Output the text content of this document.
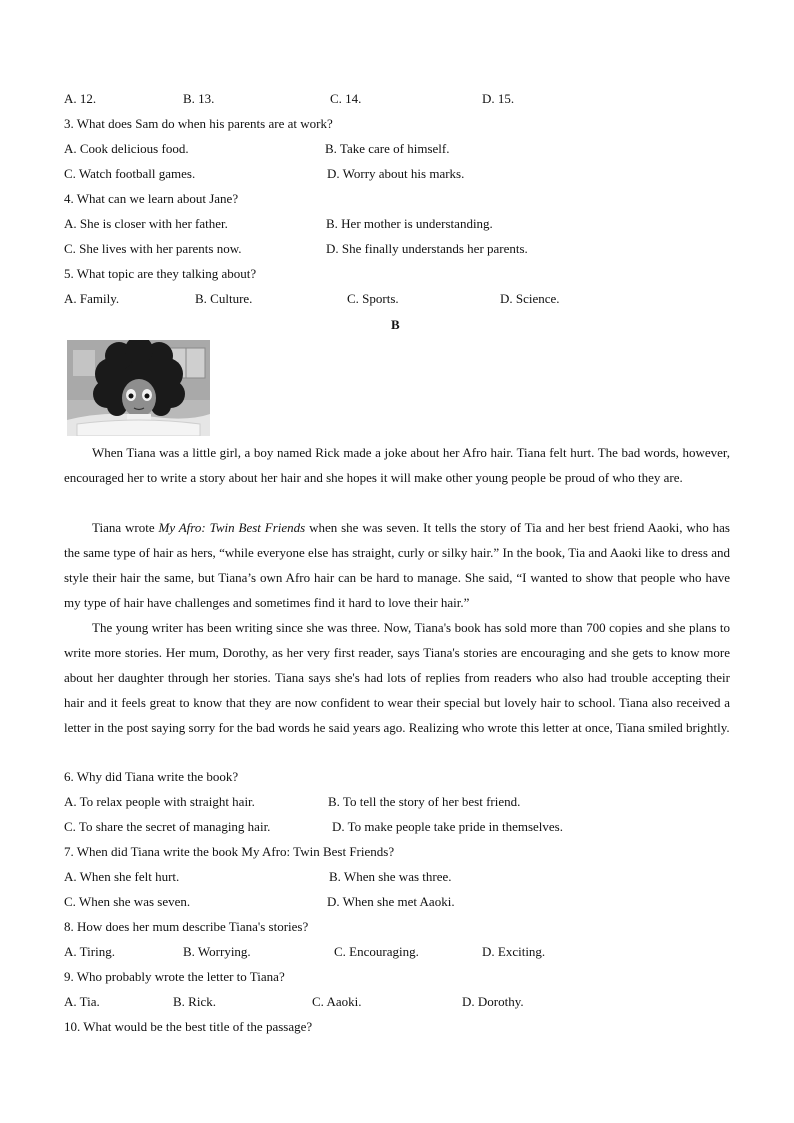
A. 12.	B. 13.	C. 14.	D. 15.
3. What does Sam do when his parents are at work?
A. Cook delicious food.	B. Take care of himself.
C. Watch football games.	D. Worry about his marks.
4. What can we learn about Jane?
A. She is closer with her father.	B. Her mother is understanding.
C. She lives with her parents now.	D. She finally understands her parents.
5. What topic are they talking about?
A. Family.	B. Culture.	C. Sports.	D. Science.
B
When Tiana was a little girl, a boy named Rick made a joke about her Afro hair. Tiana felt hurt. The bad words, however, encouraged her to write a story about her hair and she hopes it will make other young people be proud of who they are.
Tiana wrote My Afro: Twin Best Friends when she was seven. It tells the story of Tia and her best friend Aaoki, who has the same type of hair as hers, “while everyone else has straight, curly or silky hair.” In the book, Tia and Aaoki like to dress and style their hair the same, but Tiana’s own Afro hair can be hard to manage. She said, “I wanted to show that people who have my type of hair have challenges and sometimes find it hard to love their hair.”
The young writer has been writing since she was three. Now, Tiana's book has sold more than 700 copies and she plans to write more stories. Her mum, Dorothy, as her very first reader, says Tiana's stories are encouraging and she gets to know more about her daughter through her stories. Tiana says she's had lots of replies from readers who also had trouble accepting their hair and it feels great to know that they are now confident to wear their special but lovely hair to school. Tiana also received a letter in the post saying sorry for the bad words he said years ago. Realizing who wrote this letter at once, Tiana smiled brightly.
6. Why did Tiana write the book?
A. To relax people with straight hair.	B. To tell the story of her best friend.
C. To share the secret of managing hair.	D. To make people take pride in themselves.
7. When did Tiana write the book My Afro: Twin Best Friends?
A. When she felt hurt.	B. When she was three.
C. When she was seven.	D. When she met Aaoki.
8. How does her mum describe Tiana's stories?
A. Tiring.	B. Worrying.	C. Encouraging.	D. Exciting.
9. Who probably wrote the letter to Tiana?
A. Tia.	B. Rick.	C. Aaoki.	D. Dorothy.
10. What would be the best title of the passage?
